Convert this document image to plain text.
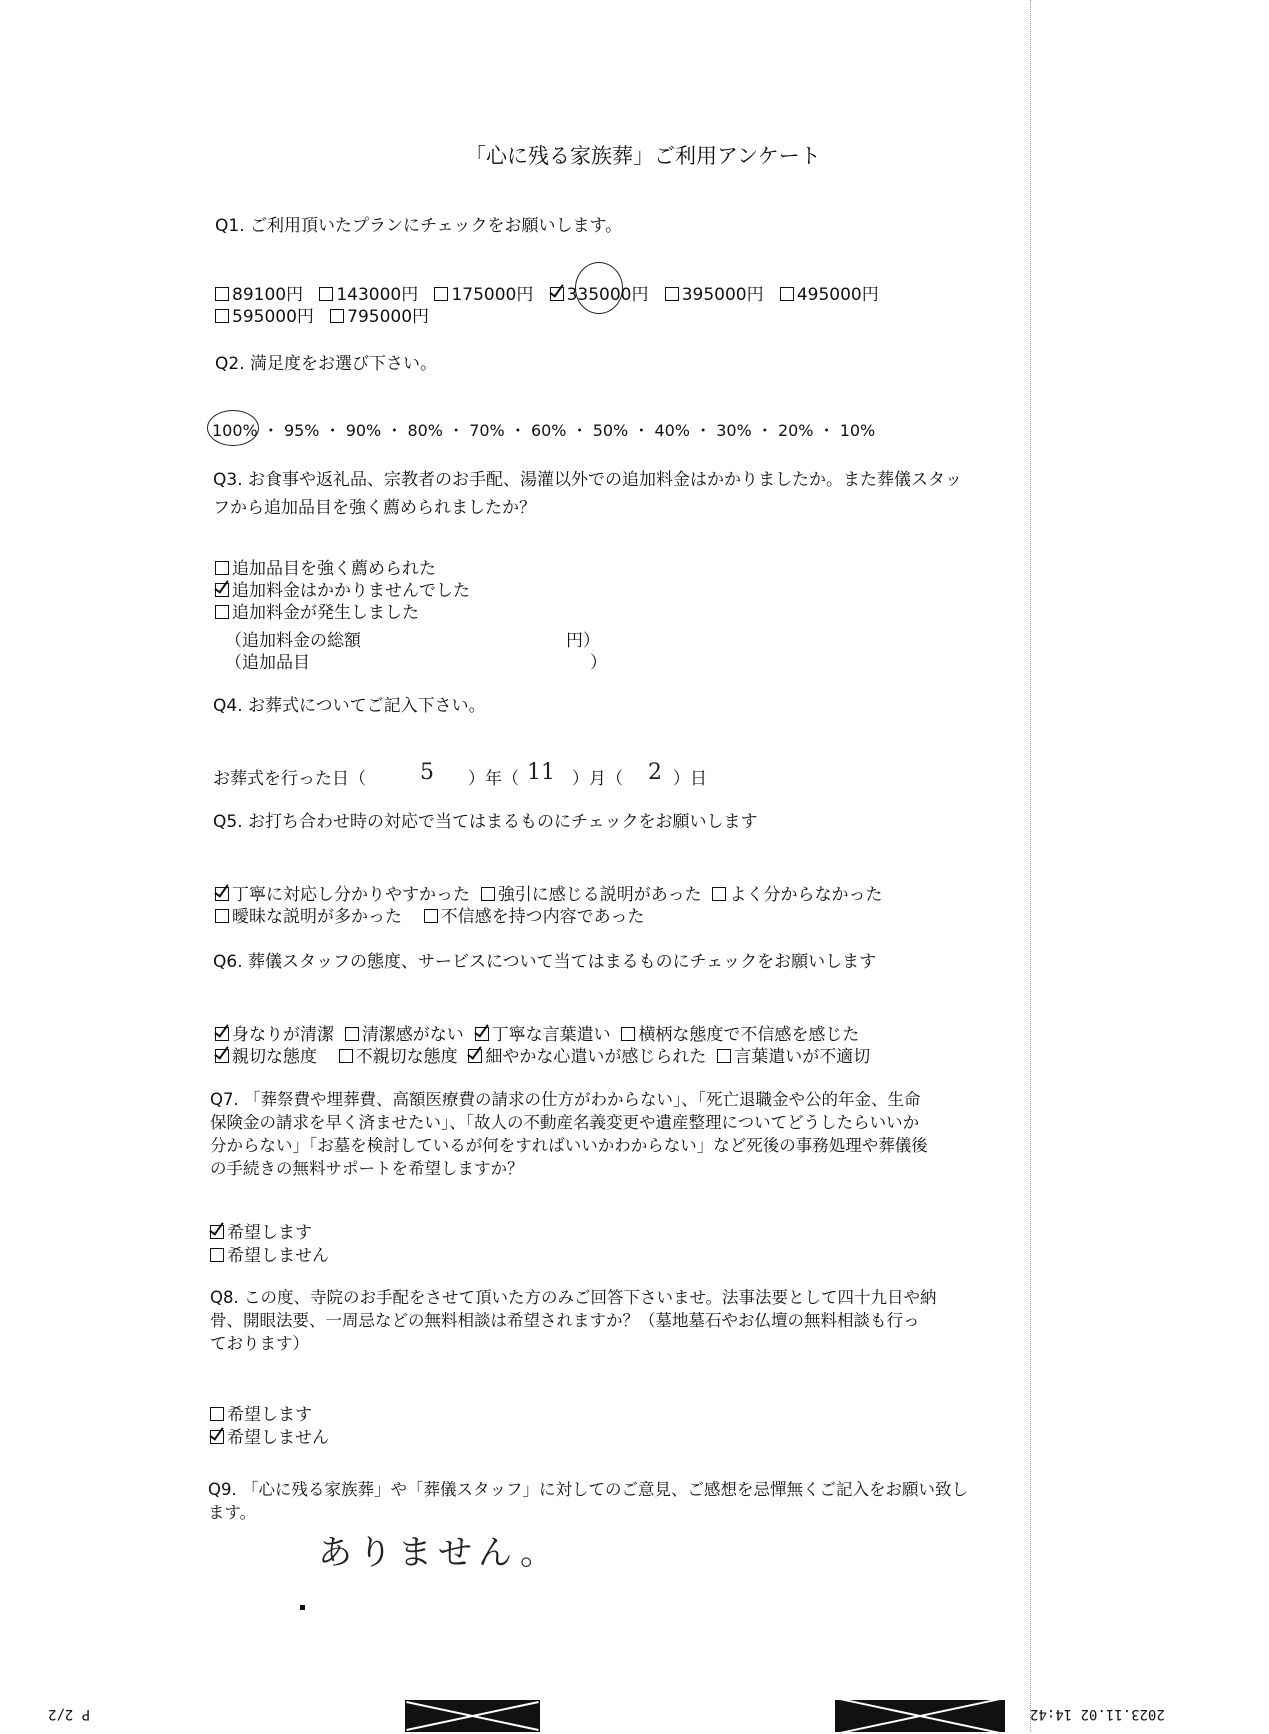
「心に残る家族葬」ご利用アンケート
Q1. ご利用頂いたプランにチェックをお願いします。
89100円 143000円 175000円 335000円 395000円 495000円
595000円 795000円
Q2. 満足度をお選び下さい。
100% ・ 95% ・ 90% ・ 80% ・ 70% ・ 60% ・ 50% ・ 40% ・ 30% ・ 20% ・ 10%
Q3. お食事や返礼品、宗教者のお手配、湯灌以外での追加料金はかかりましたか。また葬儀スタッ
フから追加品目を強く薦められましたか？
追加品目を強く薦められた
追加料金はかかりませんでした
追加料金が発生しました
（追加料金の総額	円）
（追加品目	）
Q4. お葬式についてご記入下さい。
お葬式を行った日（ 5 ）年（ 11 ）月（ 2 ）日
Q5. お打ち合わせ時の対応で当てはまるものにチェックをお願いします
丁寧に対応し分かりやすかった 強引に感じる説明があった よく分からなかった
曖昧な説明が多かった 不信感を持つ内容であった
Q6. 葬儀スタッフの態度、サービスについて当てはまるものにチェックをお願いします
身なりが清潔 清潔感がない 丁寧な言葉遣い 横柄な態度で不信感を感じた
親切な態度 不親切な態度 細やかな心遣いが感じられた 言葉遣いが不適切
Q7. 「葬祭費や埋葬費、高額医療費の請求の仕方がわからない」、「死亡退職金や公的年金、生命
保険金の請求を早く済ませたい」、「故人の不動産名義変更や遺産整理についてどうしたらいいか
分からない」「お墓を検討しているが何をすればいいかわからない」など死後の事務処理や葬儀後
の手続きの無料サポートを希望しますか？
希望します
希望しません
Q8. この度、寺院のお手配をさせて頂いた方のみご回答下さいませ。法事法要として四十九日や納
骨、開眼法要、一周忌などの無料相談は希望されますか？（墓地墓石やお仏壇の無料相談も行っ
ております）
希望します
希望しません
Q9. 「心に残る家族葬」や「葬儀スタッフ」に対してのご意見、ご感想を忌憚無くご記入をお願い致し
ます。
ありません。
P 2/2	2023.11.02 14:42
